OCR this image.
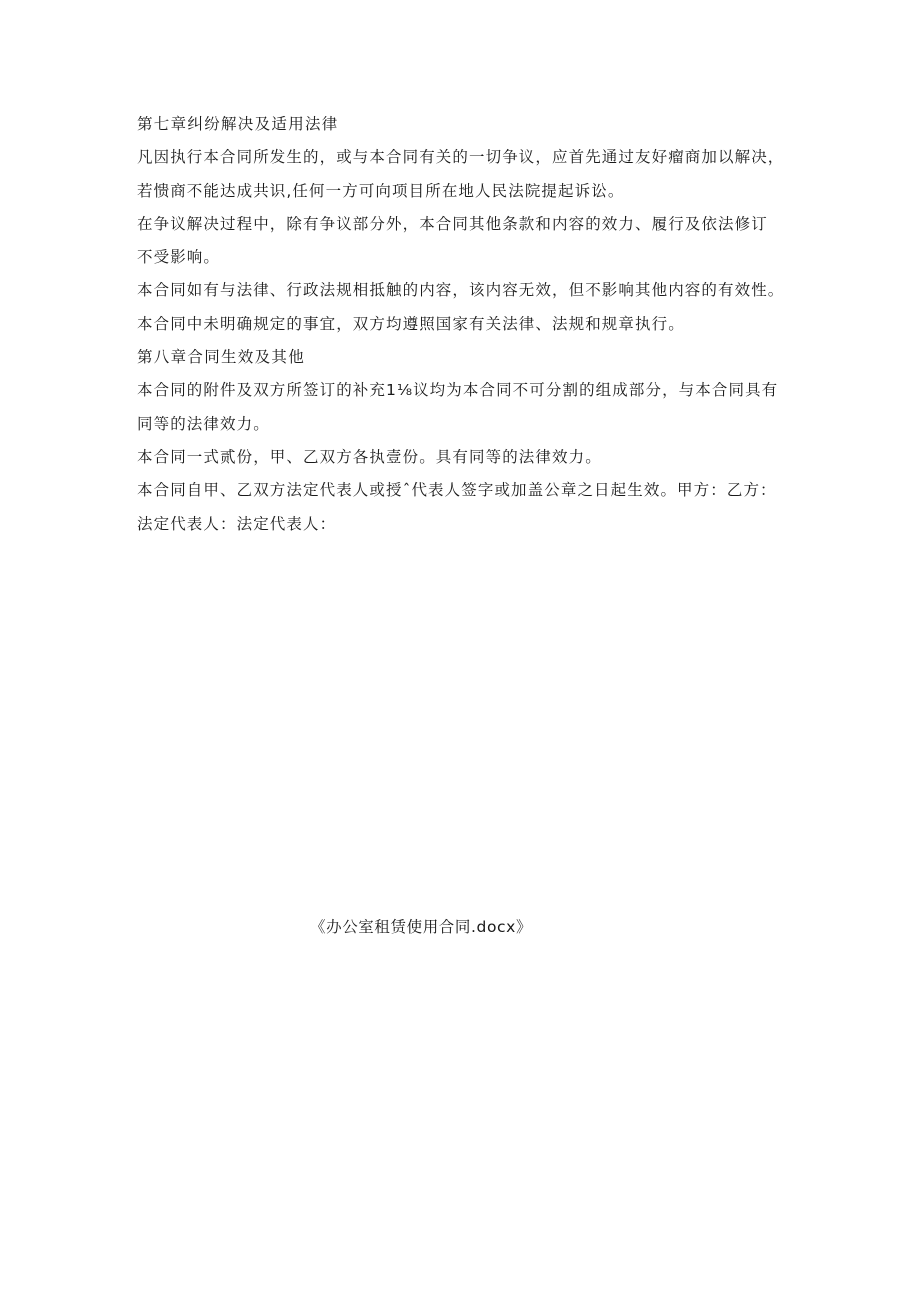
第七章纠纷解决及适用法律
凡因执行本合同所发生的，或与本合同有关的一切争议，应首先通过友好瘤商加以解决，
若愦商不能达成共识,任何一方可向项目所在地人民法院提起诉讼。
在争议解决过程中，除有争议部分外，本合同其他条款和内容的效力、履行及依法修订
不受影响。
本合同如有与法律、行政法规相抵触的内容，该内容无效，但不影响其他内容的有效性。
本合同中未明确规定的事宜，双方均遵照国家有关法律、法规和规章执行。
第八章合同生效及其他
本合同的附件及双方所签订的补充1⅛议均为本合同不可分割的组成部分，与本合同具有
同等的法律效力。
本合同一式贰份，甲、乙双方各执壹份。具有同等的法律效力。
本合同自甲、乙双方法定代表人或授ˆ代表人签字或加盖公章之日起生效。甲方：乙方：
法定代表人：法定代表人：
《办公室租赁使用合同.docx》
